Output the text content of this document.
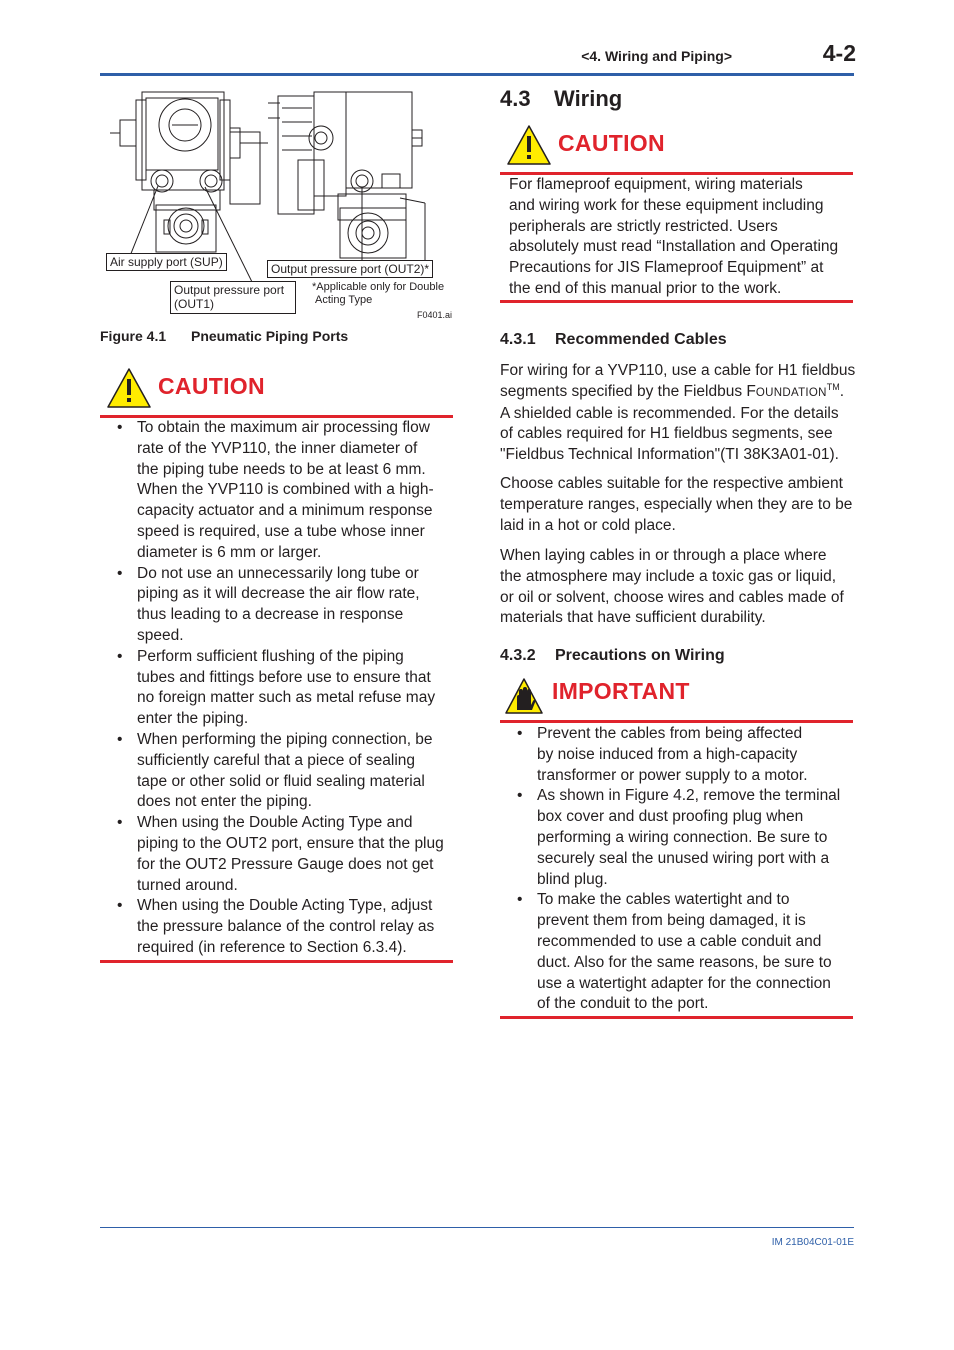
<4. Wiring and Piping>	4-2
Air supply port (SUP)	Output pressure port (OUT2)*
Output pressure port
(OUT1)
*Applicable only for Double
Acting Type
F0401.ai
Figure 4.1 Pneumatic Piping Ports
CAUTION
• To obtain the maximum air processing flow
rate of the YVP110, the inner diameter of
the piping tube needs to be at least 6 mm.
When the YVP110 is combined with a high-
capacity actuator and a minimum response
speed is required, use a tube whose inner
diameter is 6 mm or larger.
• Do not use an unnecessarily long tube or
piping as it will decrease the air flow rate,
thus leading to a decrease in response
speed.
• Perform sufficient flushing of the piping
tubes and fittings before use to ensure that
no foreign matter such as metal refuse may
enter the piping.
• When performing the piping connection, be
sufficiently careful that a piece of sealing
tape or other solid or fluid sealing material
does not enter the piping.
• When using the Double Acting Type and
piping to the OUT2 port, ensure that the plug
for the OUT2 Pressure Gauge does not get
turned around.
• When using the Double Acting Type, adjust
the pressure balance of the control relay as
required (in reference to Section 6.3.4).
4.3 Wiring
CAUTION
For flameproof equipment, wiring materials
and wiring work for these equipment including
peripherals are strictly restricted. Users
absolutely must read “Installation and Operating
Precautions for JIS Flameproof Equipment” at
the end of this manual prior to the work.
4.3.1 Recommended Cables
For wiring for a YVP110, use a cable for H1 fieldbus
segments specified by the Fieldbus FOUNDATION™.
A shielded cable is recommended. For the details
of cables required for H1 fieldbus segments, see
"Fieldbus Technical Information"(TI 38K3A01-01).
Choose cables suitable for the respective ambient
temperature ranges, especially when they are to be
laid in a hot or cold place.
When laying cables in or through a place where
the atmosphere may include a toxic gas or liquid,
or oil or solvent, choose wires and cables made of
materials that have sufficient durability.
4.3.2 Precautions on Wiring
IMPORTANT
• Prevent the cables from being affected
by noise induced from a high-capacity
transformer or power supply to a motor.
• As shown in Figure 4.2, remove the terminal
box cover and dust proofing plug when
performing a wiring connection. Be sure to
securely seal the unused wiring port with a
blind plug.
• To make the cables watertight and to
prevent them from being damaged, it is
recommended to use a cable conduit and
duct. Also for the same reasons, be sure to
use a watertight adapter for the connection
of the conduit to the port.
IM 21B04C01-01E
